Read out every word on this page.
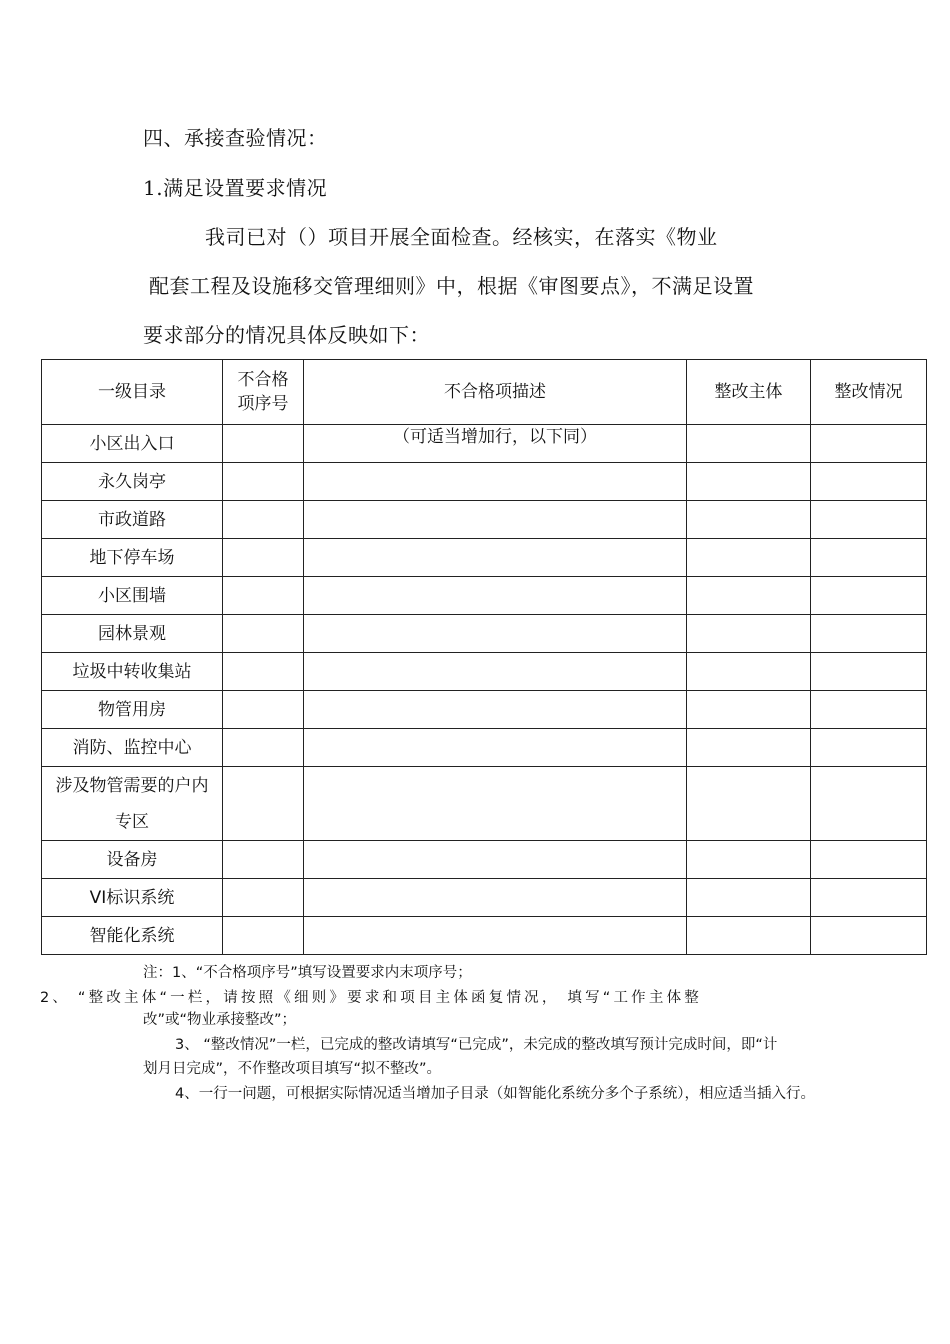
四、承接查验情况：
1.满足设置要求情况
我司已对（）项目开展全面检查。经核实，在落实《物业
配套工程及设施移交管理细则》中，根据《审图要点》，不满足设置
要求部分的情况具体反映如下：
一级目录	不合格项序号	不合格项描述	整改主体	整改情况
小区出入口		（可适当增加行，以下同）		
永久岗亭				
市政道路				
地下停车场				
小区围墙				
园林景观				
垃圾中转收集站				
物管用房				
消防、监控中心				
涉及物管需要的户内专区				
设备房				
VI标识系统				
智能化系统				
注：1、“不合格项序号”填写设置要求内末项序号；
2、 “整改主体“一栏，请按照《细则》要求和项目主体函复情况， 填写“工作主体整
改”或“物业承接整改”；
3、 “整改情况”一栏，已完成的整改请填写“已完成”，未完成的整改填写预计完成时间，即“计
划月日完成”，不作整改项目填写“拟不整改”。
4、一行一问题，可根据实际情况适当增加子目录（如智能化系统分多个子系统），相应适当插入行。
